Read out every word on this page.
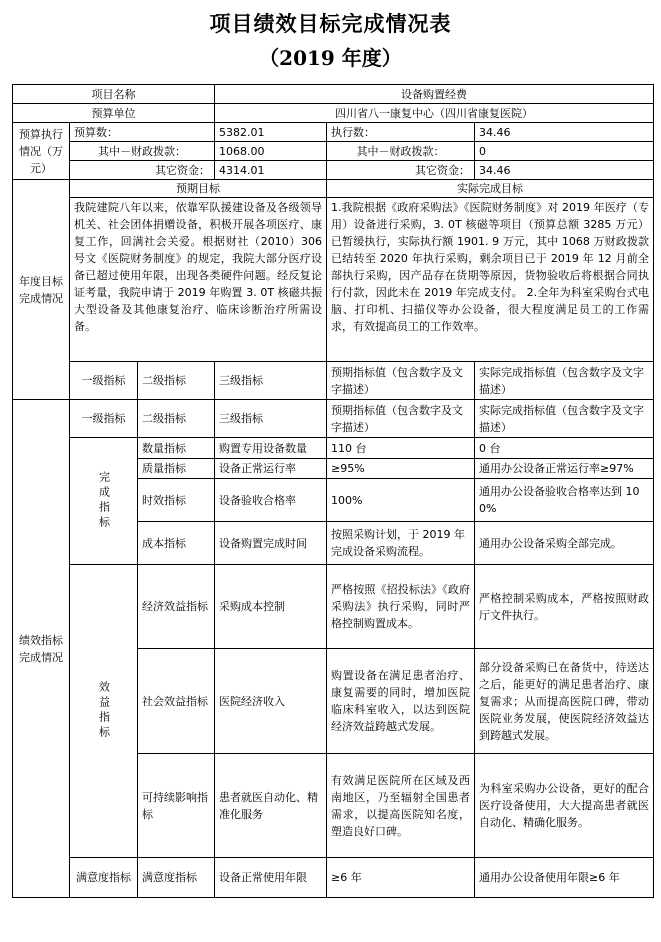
项目绩效目标完成情况表
（2019 年度）
项目名称			设备购置经费		
预算单位			四川省八一康复中心（四川省康复医院）		
预算执行情况（万元）	预算数：		5382.01	执行数：	34.46
	其中－财政拨款：		1068.00	其中－财政拨款：	0
	其它资金：		4314.01	其它资金：	34.46
年度目标完成情况	预期目标			实际完成目标	
	我院建院八年以来，依靠军队援建设备及各级领导机关、社会团体捐赠设备，积极开展各项医疗、康复工作，回满社会关爱。根据财社（2010）306 号文《医院财务制度》的规定，我院大部分医疗设备已超过使用年限，出现各类硬件问题。经反复论证考量，我院申请于 2019 年购置 3. 0T 核磁共振大型设备及其他康复治疗、临床诊断治疗所需设备。			1.我院根据《政府采购法》《医院财务制度》对 2019 年医疗（专用）设备进行采购，3. 0T 核磁等项目（预算总额 3285 万元）已暂缓执行，实际执行额 1901. 9 万元，其中 1068 万财政拨款已结转至 2020 年执行采购，剩余项目已于 2019 年 12 月前全部执行采购，因产品存在货期等原因，货物验收后将根据合同执行付款，因此未在 2019 年完成支付。 2.全年为科室采购台式电脑、打印机、扫描仪等办公设备，很大程度满足员工的工作需求，有效提高员工的工作效率。	
	一级指标	二级指标	三级指标	预期指标值（包含数字及文字描述）	实际完成指标值（包含数字及文字描述）
绩效指标完成情况	一级指标	二级指标	三级指标	预期指标值（包含数字及文字描述）	实际完成指标值（包含数字及文字描述）

	完成指标	数量指标	购置专用设备数量	110 台	0 台
		质量指标	设备正常运行率	≥95%	通用办公设备正常运行率≥97%
		时效指标	设备验收合格率	100%	通用办公设备验收合格率达到 100%
		成本指标	设备购置完成时间	按照采购计划，于 2019 年完成设备采购流程。	通用办公设备采购全部完成。

	效益指标	经济效益指标	采购成本控制	严格按照《招投标法》《政府采购法》执行采购，同时严格控制购置成本。	严格控制采购成本，严格按照财政厅文件执行。
		社会效益指标	医院经济收入	购置设备在满足患者治疗、康复需要的同时，增加医院临床科室收入，以达到医院经济效益跨越式发展。	部分设备采购已在备货中，待送达之后，能更好的满足患者治疗、康复需求；从而提高医院口碑，带动医院业务发展，使医院经济效益达到跨越式发展。
		可持续影响指标	患者就医自动化、精准化服务	有效满足医院所在区域及西南地区，乃至辐射全国患者需求，以提高医院知名度，塑造良好口碑。	为科室采购办公设备，更好的配合医疗设备使用，大大提高患者就医自动化、精确化服务。
	满意度指标	满意度指标	设备正常使用年限	≥6 年	通用办公设备使用年限≥6 年
